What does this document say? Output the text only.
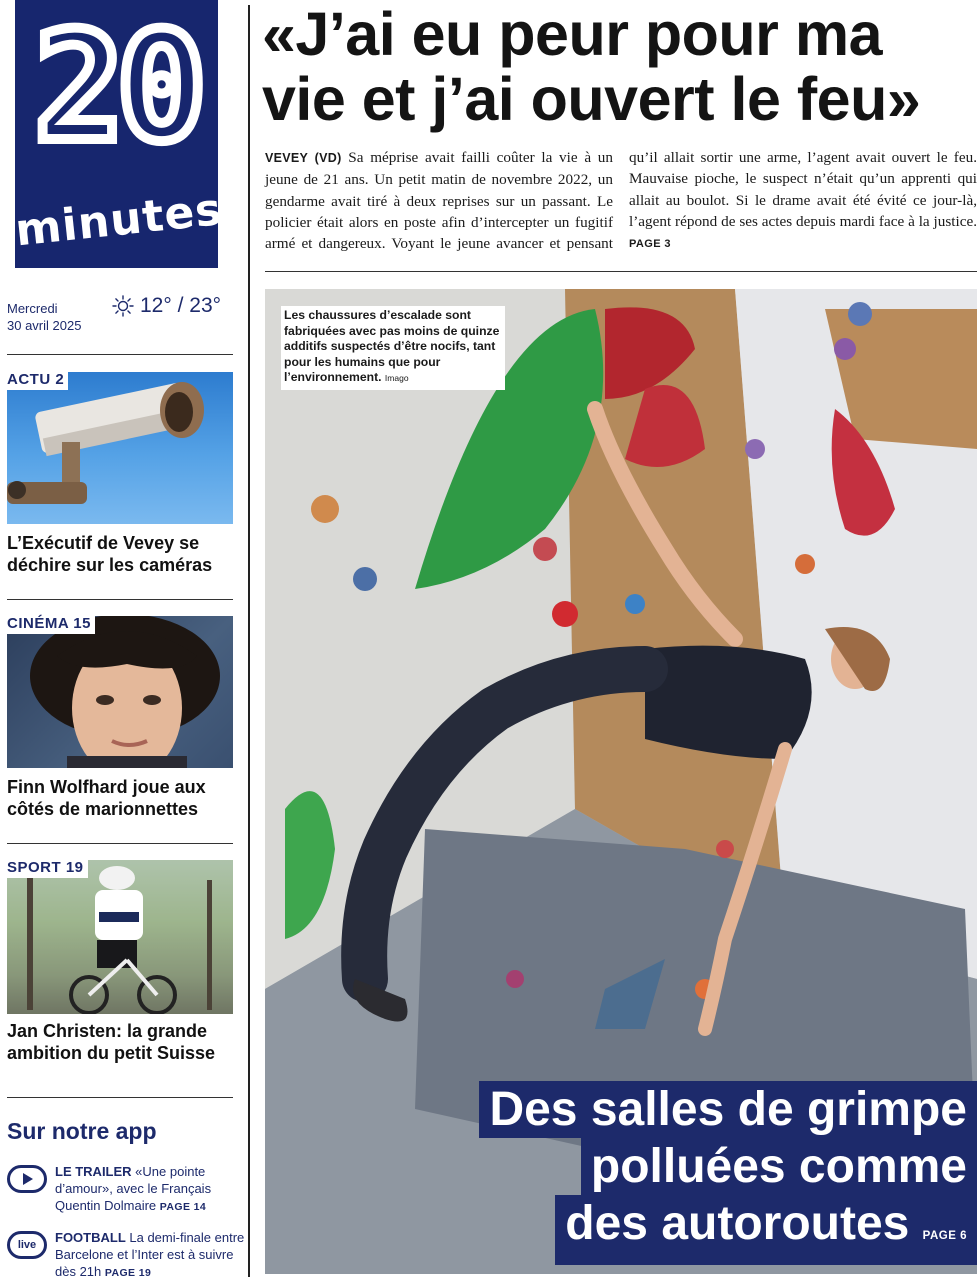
20
minutes
Mercredi
30 avril 2025
12° / 23°
ACTU 2
L’Exécutif de Vevey se déchire sur les caméras
CINÉMA 15
Finn Wolfhard joue aux côtés de marionnettes
SPORT 19
Jan Christen: la grande ambition du petit Suisse
Sur notre app
LE TRAILER «Une pointe d’amour», avec le Français Quentin Dolmaire PAGE 14
live FOOTBALL La demi-finale entre Barcelone et l’Inter est à suivre dès 21h PAGE 19
«J’ai eu peur pour ma vie et j’ai ouvert le feu»
VEVEY (VD) Sa méprise avait failli coûter la vie à un jeune de 21 ans. Un petit matin de novembre 2022, un gendarme avait tiré à deux reprises sur un passant. Le policier était alors en poste afin d’intercepter un fugitif armé et dangereux. Voyant le jeune avancer et pensant qu’il allait sortir une arme, l’agent avait ouvert le feu. Mauvaise pioche, le suspect n’était qu’un apprenti qui allait au boulot. Si le drame avait été évité ce jour-là, l’agent répond de ses actes depuis mardi face à la justice. PAGE 3
Les chaussures d’escalade sont fabriquées avec pas moins de quinze additifs suspectés d’être nocifs, tant pour les humains que pour l’environnement. Imago
Des salles de grimpe
polluées comme
des autoroutes PAGE 6
